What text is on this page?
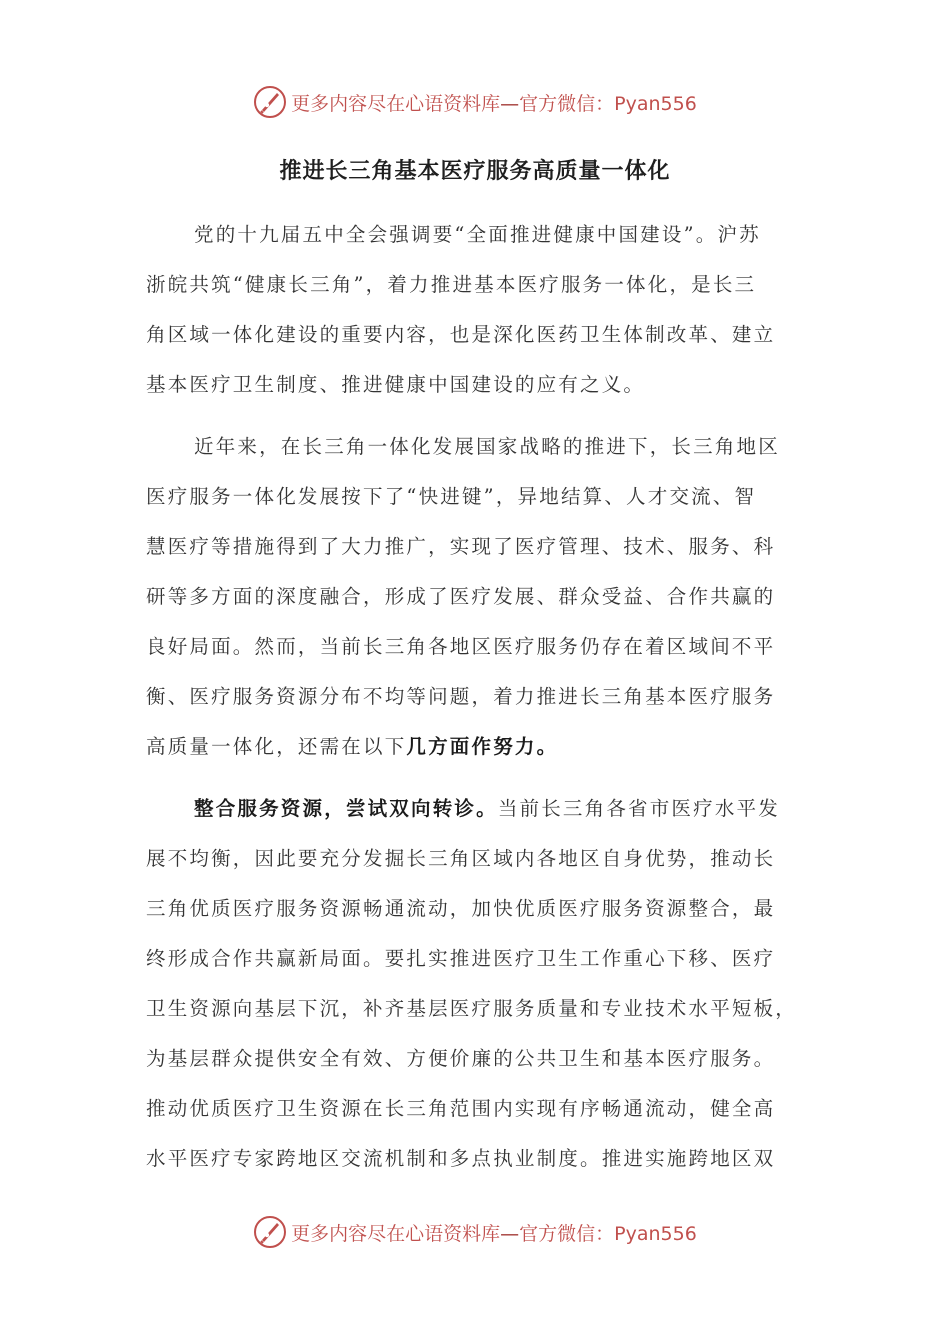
更多内容尽在心语资料库—官方微信：Pyan556
推进长三角基本医疗服务高质量一体化
党的十九届五中全会强调要“全面推进健康中国建设”。沪苏
浙皖共筑“健康长三角”，着力推进基本医疗服务一体化，是长三
角区域一体化建设的重要内容，也是深化医药卫生体制改革、建立
基本医疗卫生制度、推进健康中国建设的应有之义。
近年来，在长三角一体化发展国家战略的推进下，长三角地区
医疗服务一体化发展按下了“快进键”，异地结算、人才交流、智
慧医疗等措施得到了大力推广，实现了医疗管理、技术、服务、科
研等多方面的深度融合，形成了医疗发展、群众受益、合作共赢的
良好局面。然而，当前长三角各地区医疗服务仍存在着区域间不平
衡、医疗服务资源分布不均等问题，着力推进长三角基本医疗服务
高质量一体化，还需在以下几方面作努力。
整合服务资源，尝试双向转诊。当前长三角各省市医疗水平发
展不均衡，因此要充分发掘长三角区域内各地区自身优势，推动长
三角优质医疗服务资源畅通流动，加快优质医疗服务资源整合，最
终形成合作共赢新局面。要扎实推进医疗卫生工作重心下移、医疗
卫生资源向基层下沉，补齐基层医疗服务质量和专业技术水平短板，
为基层群众提供安全有效、方便价廉的公共卫生和基本医疗服务。
推动优质医疗卫生资源在长三角范围内实现有序畅通流动，健全高
水平医疗专家跨地区交流机制和多点执业制度。推进实施跨地区双
更多内容尽在心语资料库—官方微信：Pyan556
